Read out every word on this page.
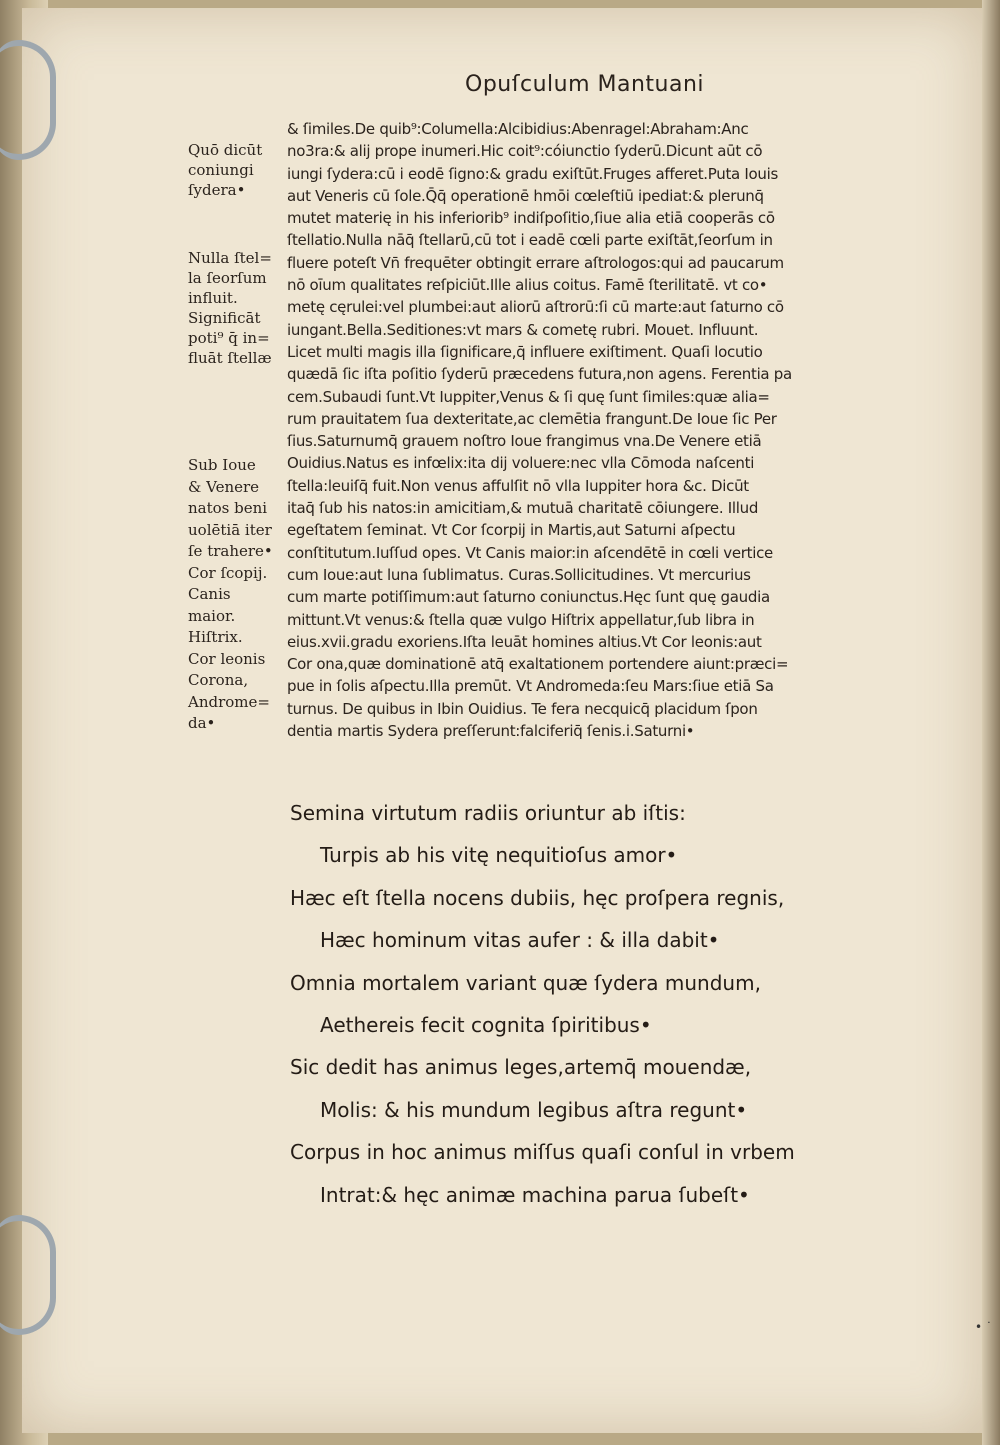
Opuſculum Mantuani
& ſimiles.De quib⁹:Columella:Alcibidius:Abenragel:Abraham:Anc
no3ra:& alij prope inumeri.Hic coit⁹:cóiunctio ſyderū.Dicunt aūt cō
iungi ſydera:cū i eodē ſigno:& gradu exiſtūt.Fruges afferet.Puta Iouis
aut Veneris cū ſole.Q̄q̄ operationē hmōi cœleſtiū ipediat:& plerunq̄
mutet materię in his inferiorib⁹ indiſpoſitio,ſiue alia etiā cooperās cō
ſtellatio.Nulla nāq̄ ſtellarū,cū tot i eadē cœli parte exiſtāt,ſeorſum in
fluere poteſt Vn̄ frequēter obtingit errare aſtrologos:qui ad paucarum
nō oīum qualitates reſpiciūt.Ille alius coitus. Famē ſterilitatē. vt co•
metę cęrulei:vel plumbei:aut aliorū aſtrorū:ſi cū marte:aut ſaturno cō
iungant.Bella.Seditiones:vt mars & cometę rubri. Mouet. Influunt.
Licet multi magis illa ſignificare,q̄ influere exiſtiment. Quaſi locutio
quædā ſic iſta poſitio ſyderū præcedens futura,non agens. Ferentia pa
cem.Subaudi ſunt.Vt Iuppiter,Venus & ſi quę ſunt ſimiles:quæ alia=
rum prauitatem ſua dexteritate,ac clemētia frangunt.De Ioue ſic Per
ſius.Saturnumq̄ grauem noſtro Ioue frangimus vna.De Venere etiā
Ouidius.Natus es infœlix:ita dij voluere:nec vlla Cōmoda naſcenti
ſtella:leuiſq̄ fuit.Non venus affulſit nō vlla Iuppiter hora &c. Dicūt
itaq̄ ſub his natos:in amicitiam,& mutuā charitatē cōiungere. Illud
egeſtatem ſeminat. Vt Cor ſcorpij in Martis,aut Saturni aſpectu
conſtitutum.Iuſſud opes. Vt Canis maior:in aſcendētē in cœli vertice
cum Ioue:aut luna ſublimatus. Curas.Sollicitudines. Vt mercurius
cum marte potiſſimum:aut ſaturno coniunctus.Hęc ſunt quę gaudia
mittunt.Vt venus:& ſtella quæ vulgo Hiſtrix appellatur,ſub libra in
eius.xvii.gradu exoriens.Iſta leuāt homines altius.Vt Cor leonis:aut
Cor ona,quæ dominationē atq̄ exaltationem portendere aiunt:præci=
pue in ſolis aſpectu.Illa premūt. Vt Andromeda:ſeu Mars:ſiue etiā Sa
turnus. De quibus in Ibin Ouidius. Te fera necquicq̄ placidum ſpon
dentia martis Sydera preſſerunt:falciferiq̄ ſenis.i.Saturni•
Quō dicūt
coniungi
ſydera•
Nulla ſtel=
la ſeorſum
influit.
Significāt
poti⁹ q̄ in=
fluāt ſtellæ
Sub Ioue
& Venere
natos beni
uolētiā iter
ſe trahere•
Cor ſcopij.
Canis
maior.
Hiſtrix.
Cor leonis
Corona,
Androme=
da•
Semina virtutum radiis oriuntur ab iſtis:
Turpis ab his vitę nequitioſus amor•
Hæc eſt ſtella nocens dubiis, hęc proſpera regnis,
Hæc hominum vitas aufer : & illa dabit•
Omnia mortalem variant quæ ſydera mundum,
Aethereis fecit cognita ſpiritibus•
Sic dedit has animus leges,artemq̄ mouendæ,
Molis: & his mundum legibus aſtra regunt•
Corpus in hoc animus miſſus quaſi conſul in vrbem
Intrat:& hęc animæ machina parua ſubeſt•
• ˙
